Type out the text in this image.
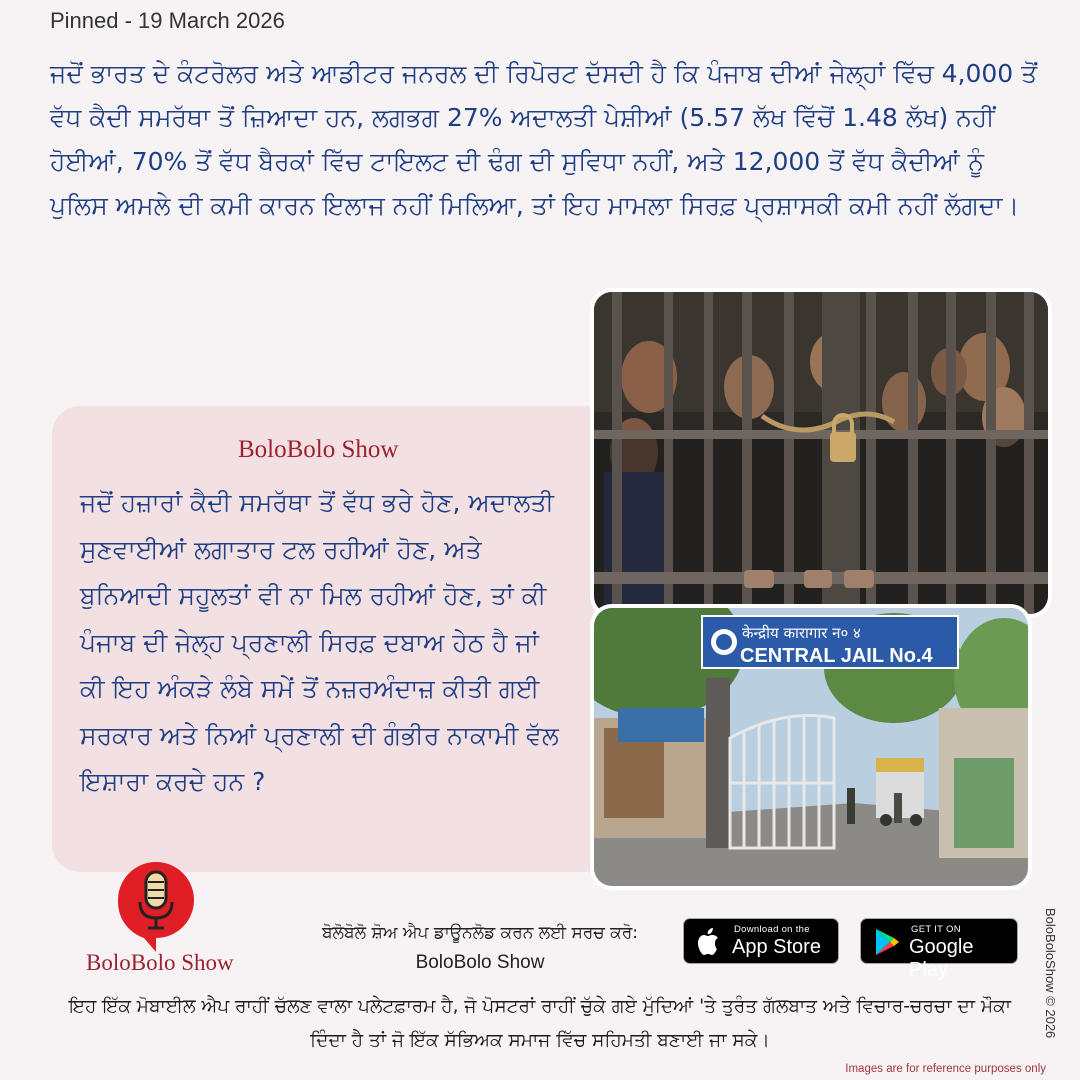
Pinned - 19 March 2026
ਜਦੋਂ ਭਾਰਤ ਦੇ ਕੰਟਰੋਲਰ ਅਤੇ ਆਡੀਟਰ ਜਨਰਲ ਦੀ ਰਿਪੋਰਟ ਦੱਸਦੀ ਹੈ ਕਿ ਪੰਜਾਬ ਦੀਆਂ ਜੇਲ੍ਹਾਂ ਵਿੱਚ 4,000 ਤੋਂ ਵੱਧ ਕੈਦੀ ਸਮਰੱਥਾ ਤੋਂ ਜ਼ਿਆਦਾ ਹਨ, ਲਗਭਗ 27% ਅਦਾਲਤੀ ਪੇਸ਼ੀਆਂ (5.57 ਲੱਖ ਵਿੱਚੋਂ 1.48 ਲੱਖ) ਨਹੀਂ ਹੋਈਆਂ, 70% ਤੋਂ ਵੱਧ ਬੈਰਕਾਂ ਵਿੱਚ ਟਾਇਲਟ ਦੀ ਢੰਗ ਦੀ ਸੁਵਿਧਾ ਨਹੀਂ, ਅਤੇ 12,000 ਤੋਂ ਵੱਧ ਕੈਦੀਆਂ ਨੂੰ ਪੁਲਿਸ ਅਮਲੇ ਦੀ ਕਮੀ ਕਾਰਨ ਇਲਾਜ ਨਹੀਂ ਮਿਲਿਆ, ਤਾਂ ਇਹ ਮਾਮਲਾ ਸਿਰਫ਼ ਪ੍ਰਸ਼ਾਸਕੀ ਕਮੀ ਨਹੀਂ ਲੱਗਦਾ।
BoloBolo Show
ਜਦੋਂ ਹਜ਼ਾਰਾਂ ਕੈਦੀ ਸਮਰੱਥਾ ਤੋਂ ਵੱਧ ਭਰੇ ਹੋਣ, ਅਦਾਲਤੀ ਸੁਣਵਾਈਆਂ ਲਗਾਤਾਰ ਟਲ ਰਹੀਆਂ ਹੋਣ, ਅਤੇ ਬੁਨਿਆਦੀ ਸਹੂਲਤਾਂ ਵੀ ਨਾ ਮਿਲ ਰਹੀਆਂ ਹੋਣ, ਤਾਂ ਕੀ ਪੰਜਾਬ ਦੀ ਜੇਲ੍ਹ ਪ੍ਰਣਾਲੀ ਸਿਰਫ਼ ਦਬਾਅ ਹੇਠ ਹੈ ਜਾਂ ਕੀ ਇਹ ਅੰਕੜੇ ਲੰਬੇ ਸਮੇਂ ਤੋਂ ਨਜ਼ਰਅੰਦਾਜ਼ ਕੀਤੀ ਗਈ ਸਰਕਾਰ ਅਤੇ ਨਿਆਂ ਪ੍ਰਣਾਲੀ ਦੀ ਗੰਭੀਰ ਨਾਕਾਮੀ ਵੱਲ ਇਸ਼ਾਰਾ ਕਰਦੇ ਹਨ ?
केन्द्रीय कारागार न० ४
CENTRAL JAIL No.4
BoloBolo Show
ਬੋਲੋਬੋਲੋ ਸ਼ੋਅ ਐਪ ਡਾਊਨਲੋਡ ਕਰਨ ਲਈ ਸਰਚ ਕਰੋ:
BoloBolo Show
Download on the
App Store
GET IT ON
Google Play
ਇਹ ਇੱਕ ਮੋਬਾਈਲ ਐਪ ਰਾਹੀਂ ਚੱਲਣ ਵਾਲਾ ਪਲੇਟਫ਼ਾਰਮ ਹੈ, ਜੋ ਪੋਸਟਰਾਂ ਰਾਹੀਂ ਚੁੱਕੇ ਗਏ ਮੁੱਦਿਆਂ 'ਤੇ ਤੁਰੰਤ ਗੱਲਬਾਤ ਅਤੇ ਵਿਚਾਰ-ਚਰਚਾ ਦਾ ਮੌਕਾ ਦਿੰਦਾ ਹੈ ਤਾਂ ਜੋ ਇੱਕ ਸੱਭਿਅਕ ਸਮਾਜ ਵਿੱਚ ਸਹਿਮਤੀ ਬਣਾਈ ਜਾ ਸਕੇ।
BoloBoloShow © 2026
Images are for reference purposes only
